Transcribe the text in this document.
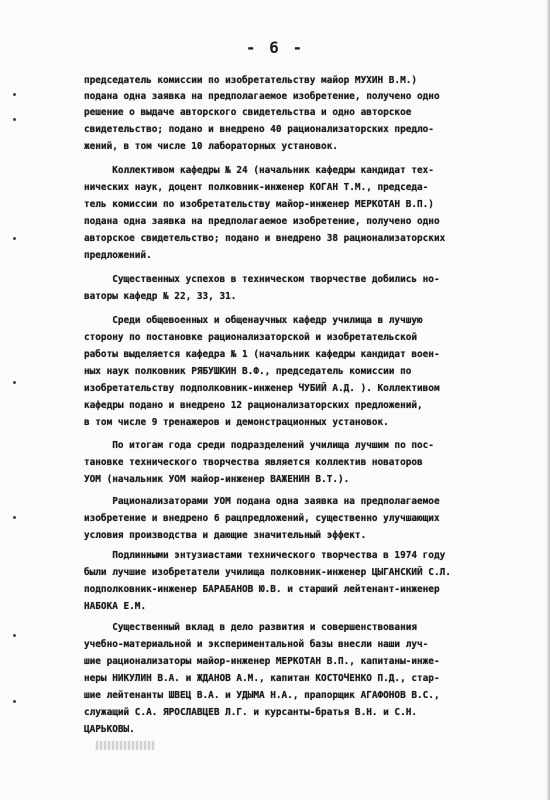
- 6 -
председатель комиссии по изобретательству майор МУХИН В.М.)
подана одна заявка на предполагаемое изобретение, получено одно
решение о выдаче авторского свидетельства и одно авторское
свидетельство; подано и внедрено 40 рационализаторских предло-
жений, в том числе 10 лабораторных установок.
Коллективом кафедры № 24 (начальник кафедры кандидат тех-
нических наук, доцент полковник-инженер КОГАН Т.М., председа-
тель комиссии по изобретательству майор-инженер МЕРКОТАН В.П.)
подана одна заявка на предполагаемое изобретение, получено одно
авторское свидетельство; подано и внедрено 38 рационализаторских
предложений.
Существенных успехов в техническом творчестве добились но-
ваторы кафедр № 22, 33, 31.
Среди общевоенных и общенаучных кафедр училища в лучшую
сторону по постановке рационализаторской и изобретательской
работы выделяется кафедра № 1 (начальник кафедры кандидат воен-
ных наук полковник РЯБУШКИН В.Ф., председатель комиссии по
изобретательству подполковник-инженер ЧУБИЙ А.Д. ). Коллективом
кафедры подано и внедрено 12 рационализаторских предложений,
в том числе 9 тренажеров и демонстрационных установок.
По итогам года среди подразделений училища лучшим по пос-
тановке технического творчества является коллектив новаторов
УОМ (начальник УОМ майор-инженер ВАЖЕНИН В.Т.).
Рационализаторами УОМ подана одна заявка на предполагаемое
изобретение и внедрено 6 рацпредложений, существенно улучшающих
условия производства и дающие значительный эффект.
Подлинными энтузиастами технического творчества в 1974 году
были лучшие изобретатели училища полковник-инженер ЦЫГАНСКИЙ С.Л.
подполковник-инженер БАРАБАНОВ Ю.В. и старший лейтенант-инженер
НАБОКА Е.М.
Существенный вклад в дело развития и совершенствования
учебно-материальной и экспериментальной базы внесли наши луч-
шие рационализаторы майор-инженер МЕРКОТАН В.П., капитаны-инже-
неры НИКУЛИН В.А. и ЖДАНОВ А.М., капитан КОСТОЧЕНКО П.Д., стар-
шие лейтенанты ШВЕЦ В.А. и УДЫМА Н.А., прапорщик АГАФОНОВ В.С.,
служащий С.А. ЯРОСЛАВЦЕВ Л.Г. и курсанты-братья В.Н. и С.Н.
ЦАРЬКОВЫ.
